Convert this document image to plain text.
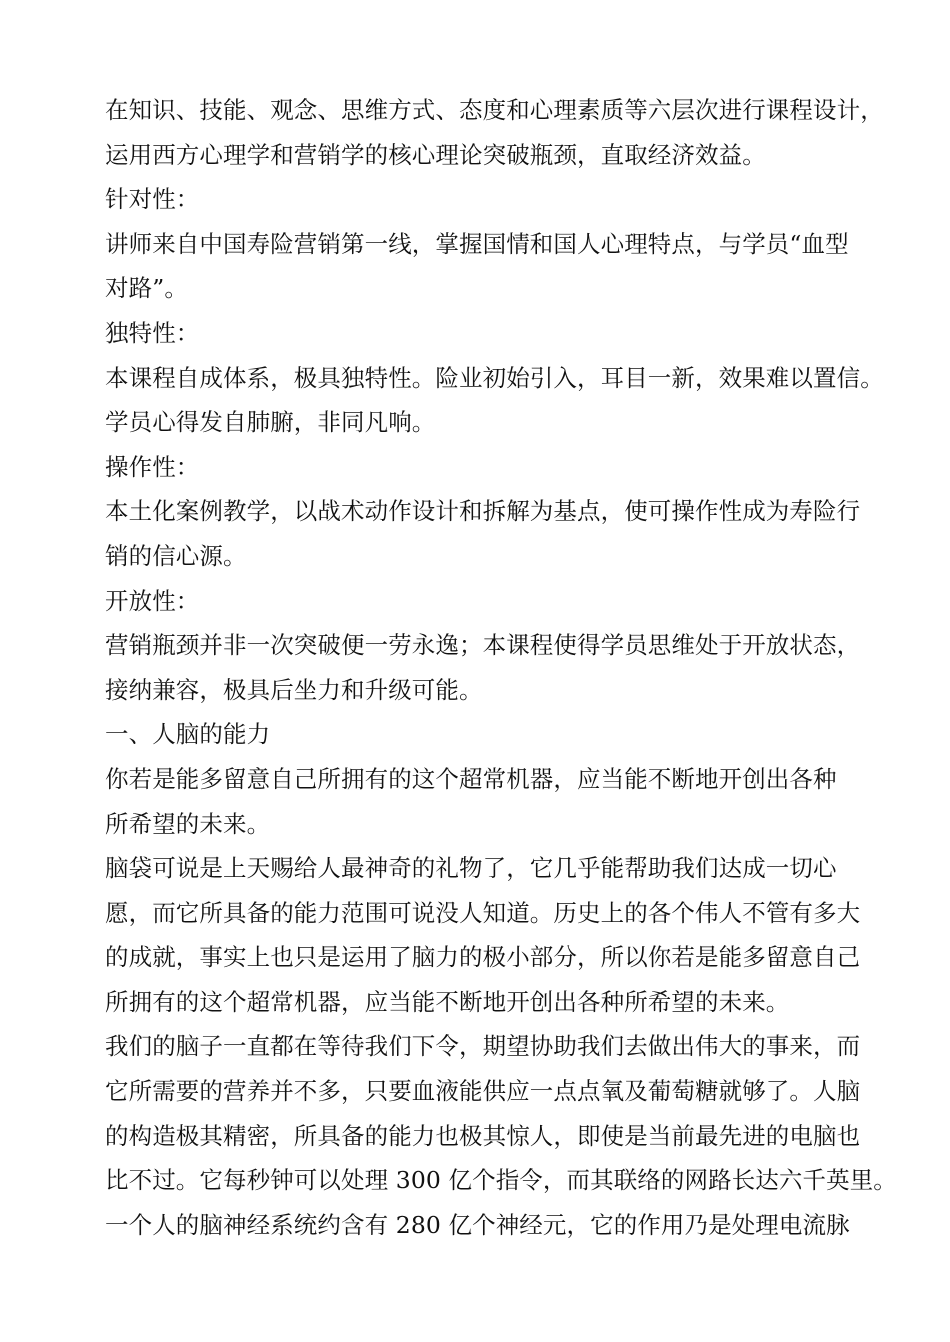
在知识、技能、观念、思维方式、态度和心理素质等六层次进行课程设计，
运用西方心理学和营销学的核心理论突破瓶颈，直取经济效益。
针对性：
讲师来自中国寿险营销第一线，掌握国情和国人心理特点，与学员“血型
对路”。
独特性：
本课程自成体系，极具独特性。险业初始引入，耳目一新，效果难以置信。
学员心得发自肺腑，非同凡响。
操作性：
本土化案例教学，以战术动作设计和拆解为基点，使可操作性成为寿险行
销的信心源。
开放性：
营销瓶颈并非一次突破便一劳永逸；本课程使得学员思维处于开放状态，
接纳兼容，极具后坐力和升级可能。
一、人脑的能力
你若是能多留意自己所拥有的这个超常机器，应当能不断地开创出各种
所希望的未来。
脑袋可说是上天赐给人最神奇的礼物了，它几乎能帮助我们达成一切心
愿，而它所具备的能力范围可说没人知道。历史上的各个伟人不管有多大
的成就，事实上也只是运用了脑力的极小部分，所以你若是能多留意自己
所拥有的这个超常机器，应当能不断地开创出各种所希望的未来。
我们的脑子一直都在等待我们下令，期望协助我们去做出伟大的事来，而
它所需要的营养并不多，只要血液能供应一点点氧及葡萄糖就够了。人脑
的构造极其精密，所具备的能力也极其惊人，即使是当前最先进的电脑也
比不过。它每秒钟可以处理 300 亿个指令，而其联络的网路长达六千英里。
一个人的脑神经系统约含有 280 亿个神经元，它的作用乃是处理电流脉
